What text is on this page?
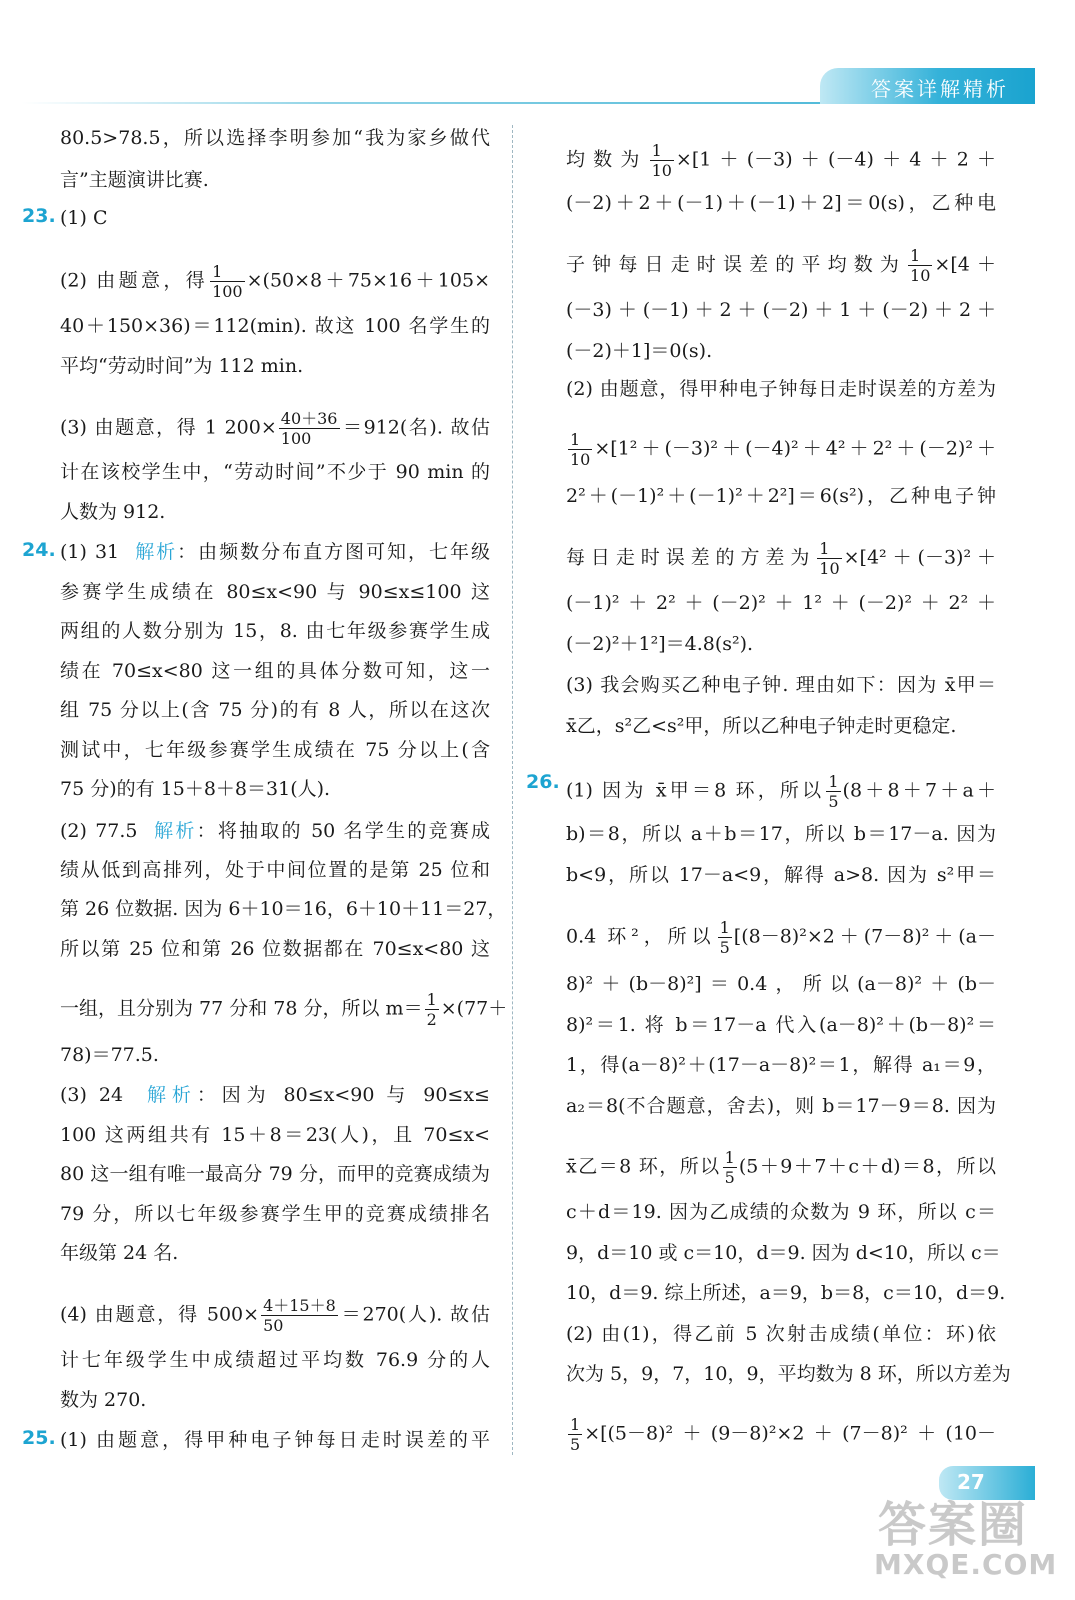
答案详解精析
80.5>78.5，所以选择李明参加“我为家乡做代
言”主题演讲比赛.
23. (1) C
(2) 由题意，得 $\frac{1}{100} \times(50\times 8+75\times 16+105\times$
40＋150×36)＝112(min). 故这 100 名学生的
平均“劳动时间”为 112 min.
(3) 由题意，得 1 $200\times \frac{40+36}{100} =912$(名). 故估
计在该校学生中，“劳动时间”不少于 90 min 的
人数为 912.
24. (1) 31 解析：由频数分布直方图可知，七年级
参赛学生成绩在 80≤x<90 与 90≤x≤100 这
两组的人数分别为 15，8. 由七年级参赛学生成
绩在 70≤x<80 这一组的具体分数可知，这一
组 75 分以上(含 75 分)的有 8 人，所以在这次
测试中，七年级参赛学生成绩在 75 分以上(含
75 分)的有 15＋8＋8＝31(人).
(2) 77.5 解析：将抽取的 50 名学生的竞赛成
绩从低到高排列，处于中间位置的是第 25 位和
第 26 位数据. 因为 6＋10＝16，6＋10＋11＝27，
所以第 25 位和第 26 位数据都在 70≤x<80 这
一组，且分别为 77 分和 78 分，所以 $m= \frac{1}{2} \times(77+$
78)＝77.5.
(3) 24 解析：因为 80≤x<90 与 90≤x≤
100 这两组共有 15＋8＝23(人)，且 70≤x<
80 这一组有唯一最高分 79 分，而甲的竞赛成绩为
79 分，所以七年级参赛学生甲的竞赛成绩排名
年级第 24 名.
(4) 由题意，得 $500\times \frac{4+15+8}{50} =270$(人). 故估
计七年级学生中成绩超过平均数 76.9 分的人
数为 270.
25. (1) 由题意，得甲种电子钟每日走时误差的平
均数为 $\frac{1}{10} \times[1+(-3)+(-4)+4+2+$
(－2)＋2＋(－1)＋(－1)＋2]＝0(s)，乙种电
子钟每日走时误差的平均数为 $\frac{1}{10} \times[4+$
(－3)＋(－1)＋2＋(－2)＋1＋(－2)＋2＋
(－2)＋1]＝0(s).
(2) 由题意，得甲种电子钟每日走时误差的方差为
$\frac{1}{10} \times[1^2+(-3)^2+(-4)^2+4^2+2^2+(-2)^2+$
2²＋(－1)²＋(－1)²＋2²]＝6(s²)，乙种电子钟
每日走时误差的方差为 $\frac{1}{10} \times[4^2+(-3)^2+$
(－1)²＋2²＋(－2)²＋1²＋(－2)²＋2²＋
(－2)²＋1²]＝4.8(s²).
(3) 我会购买乙种电子钟. 理由如下：因为 x̄甲＝
x̄乙，s²乙<s²甲，所以乙种电子钟走时更稳定.
26. (1) 因为 x̄甲＝8 环，所以 $\frac{1}{5} (8+8+7+a+$
b)＝8，所以 a＋b＝17，所以 b＝17－a. 因为
b<9，所以 17－a<9，解得 a>8. 因为 s²甲＝
0.4 环²，所以 $\frac{1}{5} [(8-8)^2\times 2+(7-8)^2+(a-$
8)²＋(b－8)²]＝0.4，所以(a－8)²＋(b－
8)²＝1. 将 b＝17－a 代入(a－8)²＋(b－8)²＝
1，得(a－8)²＋(17－a－8)²＝1，解得 a₁＝9，
a₂＝8(不合题意，舍去)，则 b＝17－9＝8. 因为
x̄乙＝8 环，所以 $\frac{1}{5} (5+9+7+c+d)=8$，所以
c＋d＝19. 因为乙成绩的众数为 9 环，所以 c＝
9，d＝10 或 c＝10，d＝9. 因为 d<10，所以 c＝
10，d＝9. 综上所述，a＝9，b＝8，c＝10，d＝9.
(2) 由(1)，得乙前 5 次射击成绩(单位：环)依
次为 5，9，7，10，9，平均数为 8 环，所以方差为
$\frac{1}{5} \times[(5-8)^2+(9-8)^2\times 2+(7-8)^2+(10-$
27
答案圈
MXQE.COM
